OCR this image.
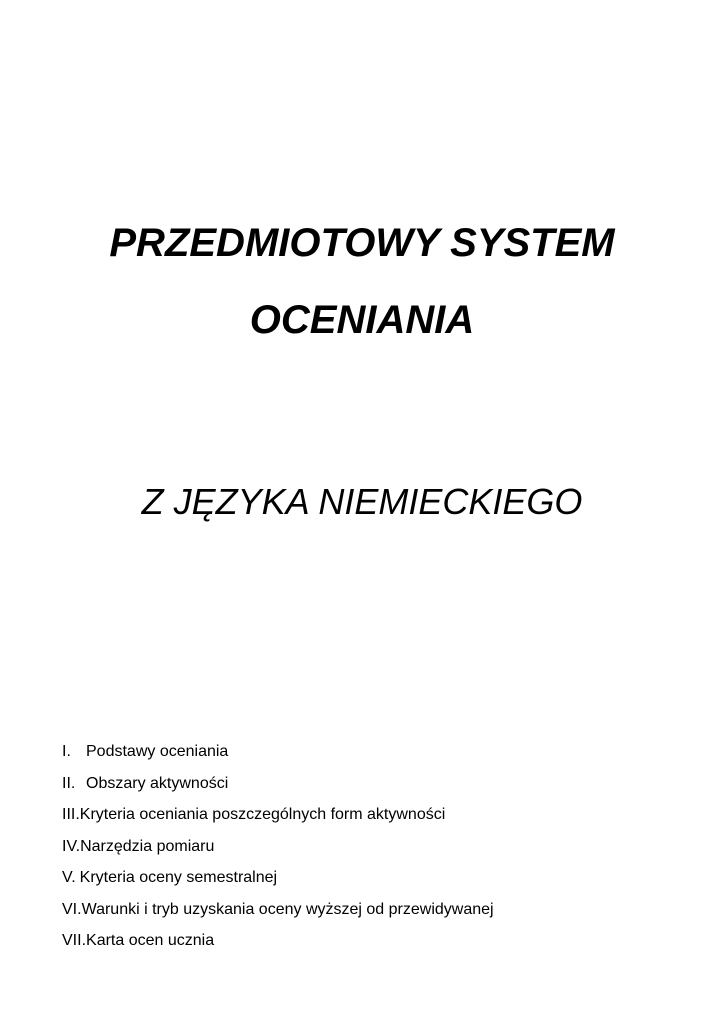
PRZEDMIOTOWY SYSTEM
OCENIANIA
Z JĘZYKA NIEMIECKIEGO
I. Podstawy oceniania
II. Obszary aktywności
III. Kryteria oceniania poszczególnych form aktywności
IV. Narzędzia pomiaru
V. Kryteria oceny semestralnej
VI. Warunki i tryb uzyskania oceny wyższej od przewidywanej
VII. Karta ocen ucznia
